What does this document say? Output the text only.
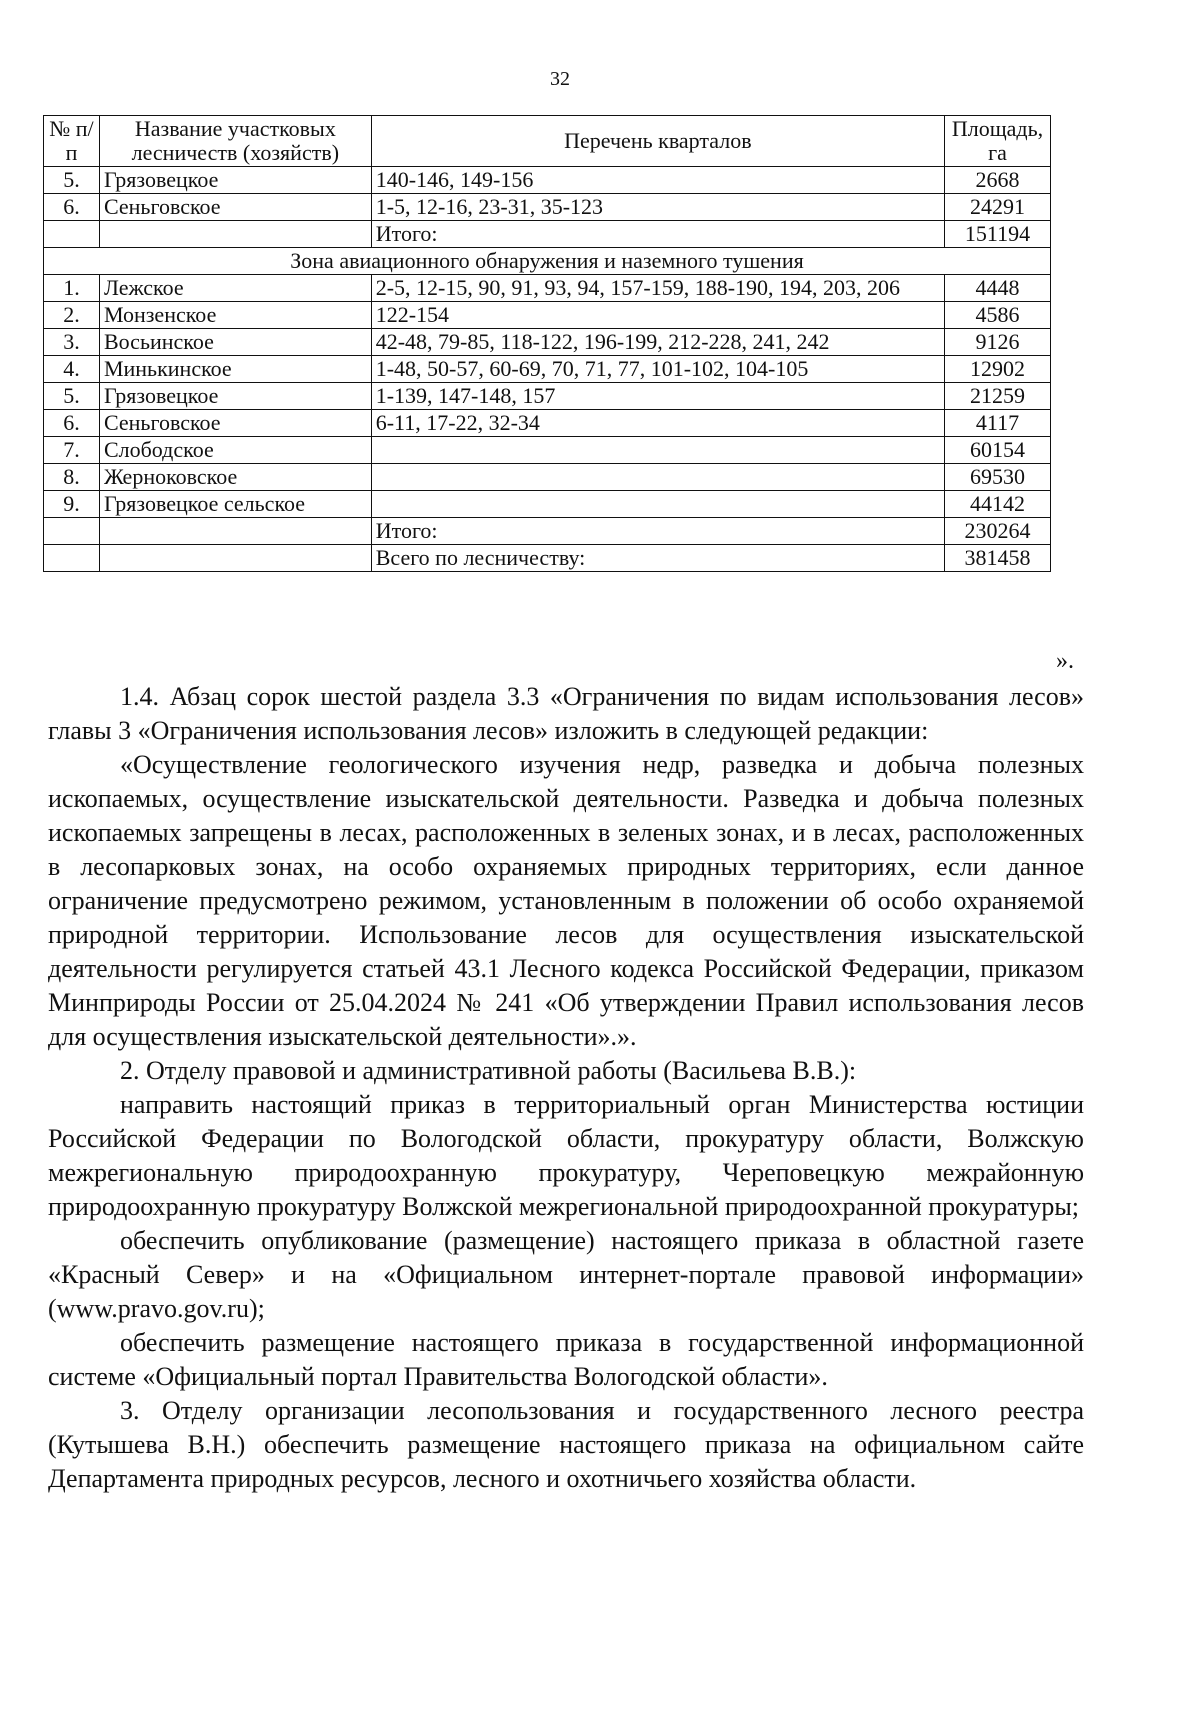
32
№ п/п	Название участковых лесничеств (хозяйств)	Перечень кварталов	Площадь, га
5.	Грязовецкое	140-146, 149-156	2668
6.	Сеньговское	1-5, 12-16, 23-31, 35-123	24291
		Итого:	151194
Зона авиационного обнаружения и наземного тушения			
1.	Лежское	2-5, 12-15, 90, 91, 93, 94, 157-159, 188-190, 194, 203, 206	4448
2.	Монзенское	122-154	4586
3.	Восьинское	42-48, 79-85, 118-122, 196-199, 212-228, 241, 242	9126
4.	Минькинское	1-48, 50-57, 60-69, 70, 71, 77, 101-102, 104-105	12902
5.	Грязовецкое	1-139, 147-148, 157	21259
6.	Сеньговское	6-11, 17-22, 32-34	4117
7.	Слободское		60154
8.	Жерноковское		69530
9.	Грязовецкое сельское		44142
		Итого:	230264
		Всего по лесничеству:	381458
».

1.4. Абзац сорок шестой раздела 3.3 «Ограничения по видам использования лесов» главы 3 «Ограничения использования лесов» изложить в следующей редакции:

«Осуществление геологического изучения недр, разведка и добыча полезных ископаемых, осуществление изыскательской деятельности. Разведка и добыча полезных ископаемых запрещены в лесах, расположенных в зеленых зонах, и в лесах, расположенных в лесопарковых зонах, на особо охраняемых природных территориях, если данное ограничение предусмотрено режимом, установленным в положении об особо охраняемой природной территории. Использование лесов для осуществления изыскательской деятельности регулируется статьей 43.1 Лесного кодекса Российской Федерации, приказом Минприроды России от 25.04.2024 № 241 «Об утверждении Правил использования лесов для осуществления изыскательской деятельности».».

2. Отделу правовой и административной работы (Васильева В.В.):

направить настоящий приказ в территориальный орган Министерства юстиции Российской Федерации по Вологодской области, прокуратуру области, Волжскую межрегиональную природоохранную прокуратуру, Череповецкую межрайонную природоохранную прокуратуру Волжской межрегиональной природоохранной прокуратуры;

обеспечить опубликование (размещение) настоящего приказа в областной газете «Красный Север» и на «Официальном интернет-портале правовой информации» (www.pravo.gov.ru);

обеспечить размещение настоящего приказа в государственной информационной системе «Официальный портал Правительства Вологодской области».

3. Отделу организации лесопользования и государственного лесного реестра (Кутышева В.Н.) обеспечить размещение настоящего приказа на официальном сайте Департамента природных ресурсов, лесного и охотничьего хозяйства области.
